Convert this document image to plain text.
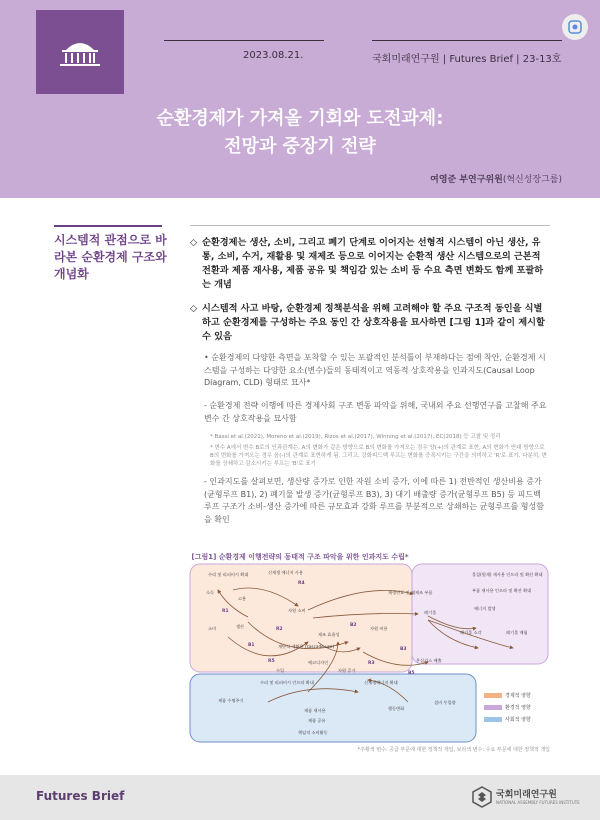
2023.08.21.	국회미래연구원 | Futures Brief | 23-13호
순환경제가 가져올 기회와 도전과제:
전망과 중장기 전략
여영준 부연구위원(혁신성장그룹)
시스템적 관점으로 바라본 순환경제 구조와 개념화
◇ 순환경제는 생산, 소비, 그리고 폐기 단계로 이어지는 선형적 시스템이 아닌 생산, 유통, 소비, 수거, 재활용 및 재제조 등으로 이어지는 순환적 생산 시스템으로의 근본적 전환과 제품 재사용, 제품 공유 및 책임감 있는 소비 등 수요 측면 변화도 함께 포괄하는 개념
◇ 시스템적 사고 바탕, 순환경제 정책분석을 위해 고려해야 할 주요 구조적 동인을 식별하고 순환경제를 구성하는 주요 동인 간 상호작용을 묘사하면 [그림 1]과 같이 제시할 수 있음
• 순환경제의 다양한 측면을 포착할 수 있는 포괄적인 분석틀이 부재하다는 점에 착안, 순환경제 시스템을 구성하는 다양한 요소(변수)들의 동태적이고 역동적 상호작용을 인과지도(Causal Loop Diagram, CLD) 형태로 묘사*
- 순환경제 전략 이행에 따른 경제사회 구조 변동 파악을 위해, 국내외 주요 선행연구를 고찰해 주요 변수 간 상호작용을 묘사함
* Bassi et al.(2021), Moreno et al.(2019), Rizos et al.(2017), Winning et al.(2017), EC(2018) 등 고찰 및 정리
* 변수 A에서 변수 B로의 인과관계는, A의 변화가 같은 방향으로 B의 변화를 가져오는 경우 양(+)의 관계로 표현, A의 변화가 반대 방향으로 B의 변화를 가져오는 경우 음(-)의 관계로 표현하게 됨. 그리고, 강화피드백 루프는 변화를 증폭시키는 구간을 의미하고 'R'로 표기, 다분히, 변화를 상쇄하고 감소시키는 루프는 'B'로 표기
- 인과지도를 살펴보면, 생산량 증가로 인한 자원 소비 증가, 이에 따른 1) 전반적인 생산비용 증가(균형루프 B1), 2) 폐기물 발생 증가(균형루프 B3), 3) 대기 배출량 증가(균형루프 B5) 등 피드백 루프 구조가 소비-생산 증가에 따른 규모효과 강화 루프를 부분적으로 상쇄하는 균형루프를 형성함을 확인
[그림1] 순환경제 이행전략의 동태적 구조 파악을 위한 인과지도 수립*
수리 및 리퍼비시 확대	신재생 에너지 사용
소득
고용
자원 소비
재생연료 및 재제조 부품
물질(원재) 재사용 인프라 및 확산 확대
부품 재사용 인프라 및 확산 확대
폐기물
에너지 발생
폐기물 소각	폐기물 매립
소비	생산
제조 효율성
자원 비용
계단식 재활용 (cascade use)
에코디자인	온실가스 배출
수리 및 리퍼비시 인프라 확대	신재생에너지 확대
제품 수명주기
제품 재사용
제품 공유
책임적 소비활동
행동변화
설비 투입량
수입	자원 증가
R4
R1
R2
B1
B2
B3
R3
B5
R5
경제적 영향
환경적 영향
사회적 영향
*주황색 변수: 공급 부문에 대한 정책적 개입, 보라색 변수: 수요 부문에 대한 정책적 개입
Futures Brief	국회미래연구원
NATIONAL ASSEMBLY FUTURES INSTITUTE
